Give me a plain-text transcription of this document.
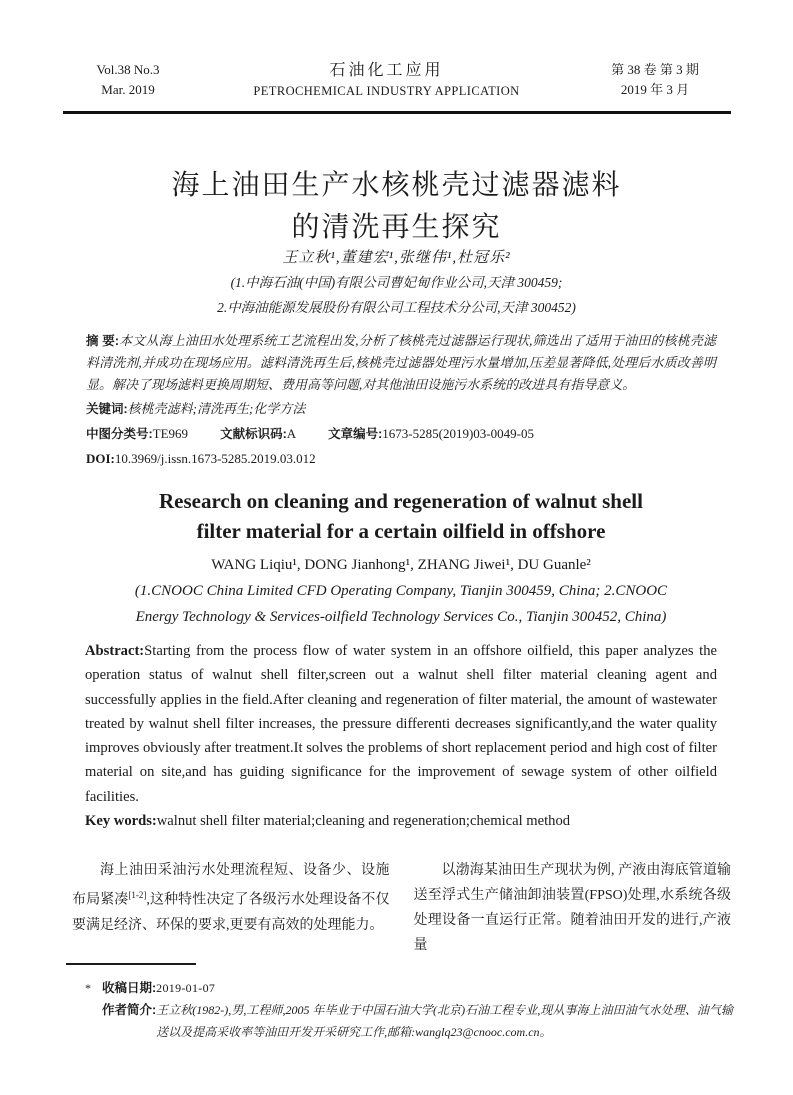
Vol.38 No.3
Mar. 2019
石油化工应用
PETROCHEMICAL INDUSTRY APPLICATION
第 38 卷 第 3 期
2019 年 3 月
海上油田生产水核桃壳过滤器滤料
的清洗再生探究
王立秋¹,董建宏¹,张继伟¹,杜冠乐²
(1.中海石油(中国)有限公司曹妃甸作业公司,天津 300459;
2.中海油能源发展股份有限公司工程技术分公司,天津 300452)

摘 要:本文从海上油田水处理系统工艺流程出发,分析了核桃壳过滤器运行现状,筛选出了适用于油田的核桃壳滤料清洗剂,并成功在现场应用。滤料清洗再生后,核桃壳过滤器处理污水量增加,压差显著降低,处理后水质改善明显。解决了现场滤料更换周期短、费用高等问题,对其他油田设施污水系统的改进具有指导意义。

关键词:核桃壳滤料;清洗再生;化学方法

中图分类号:TE969	文献标识码:A	文章编号:1673-5285(2019)03-0049-05

DOI:10.3969/j.issn.1673-5285.2019.03.012

Research on cleaning and regeneration of walnut shell
filter material for a certain oilfield in offshore
WANG Liqiu¹, DONG Jianhong¹, ZHANG Jiwei¹, DU Guanle²
(1.CNOOC China Limited CFD Operating Company, Tianjin 300459, China; 2.CNOOC
Energy Technology & Services-oilfield Technology Services Co., Tianjin 300452, China)

Abstract:Starting from the process flow of water system in an offshore oilfield, this paper analyzes the operation status of walnut shell filter,screen out a walnut shell filter material cleaning agent and successfully applies in the field.After cleaning and regeneration of filter material, the amount of wastewater treated by walnut shell filter increases, the pressure differenti decreases significantly,and the water quality improves obviously after treatment.It solves the problems of short replacement period and high cost of filter material on site,and has guiding significance for the improvement of sewage system of other oilfield facilities.

Key words:walnut shell filter material;cleaning and regeneration;chemical method

海上油田采油污水处理流程短、设备少、设施布局紧凑[1-2],这种特性决定了各级污水处理设备不仅要满足经济、环保的要求,更要有高效的处理能力。

以渤海某油田生产现状为例, 产液由海底管道输送至浮式生产储油卸油装置(FPSO)处理,水系统各级处理设备一直运行正常。随着油田开发的进行,产液量

* 收稿日期: 2019-01-07
作者简介: 王立秋(1982-),男,工程师,2005 年毕业于中国石油大学(北京)石油工程专业,现从事海上油田油气水处理、油气输送以及提高采收率等油田开发开采研究工作,邮箱:wanglq23@cnooc.com.cn。
